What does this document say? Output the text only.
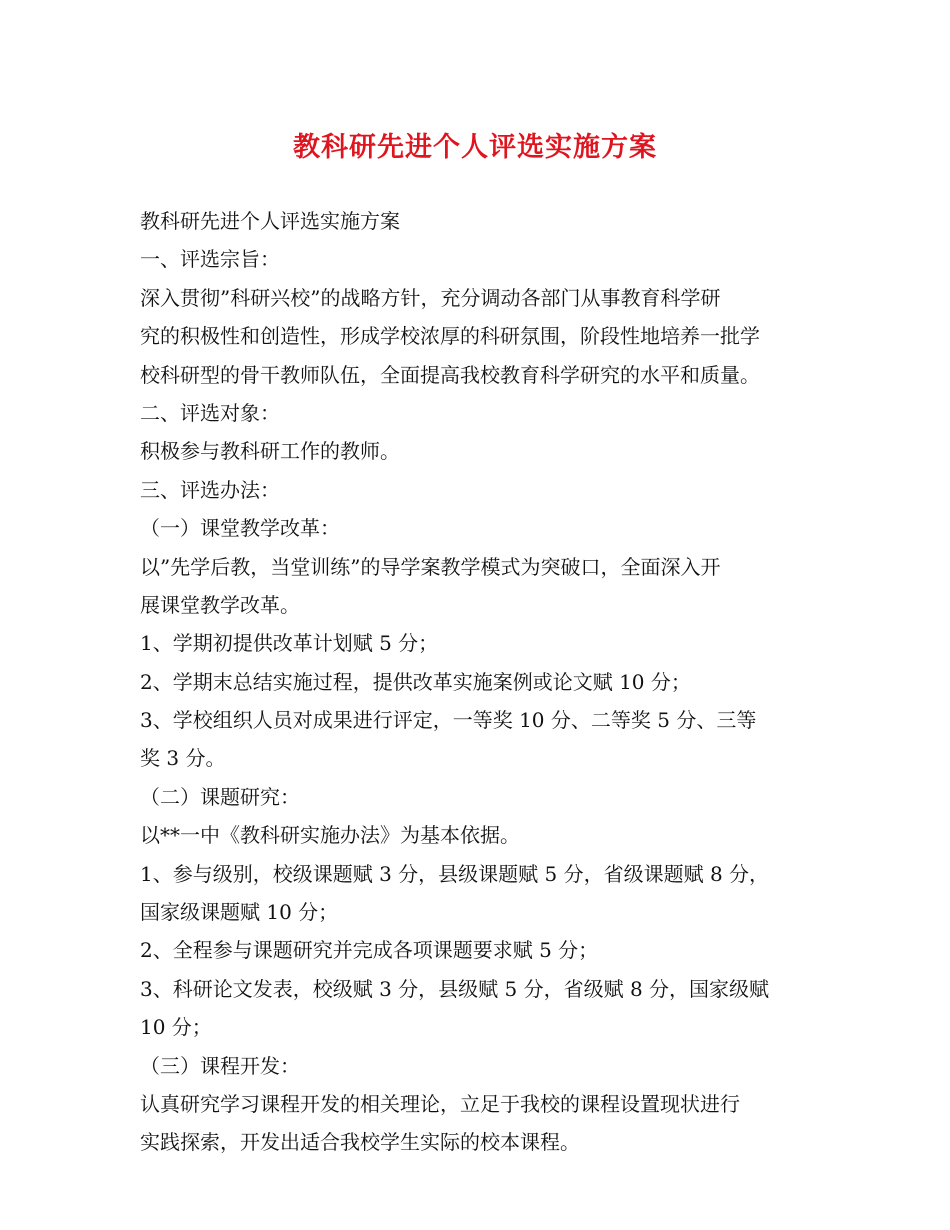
教科研先进个人评选实施方案
教科研先进个人评选实施方案
一、评选宗旨：
深入贯彻”科研兴校”的战略方针，充分调动各部门从事教育科学研
究的积极性和创造性，形成学校浓厚的科研氛围，阶段性地培养一批学
校科研型的骨干教师队伍，全面提高我校教育科学研究的水平和质量。
二、评选对象：
积极参与教科研工作的教师。
三、评选办法：
（一）课堂教学改革：
以”先学后教，当堂训练”的导学案教学模式为突破口，全面深入开
展课堂教学改革。
1、学期初提供改革计划赋 5 分；
2、学期末总结实施过程，提供改革实施案例或论文赋 10 分；
3、学校组织人员对成果进行评定，一等奖 10 分、二等奖 5 分、三等
奖 3 分。
（二）课题研究：
以**一中《教科研实施办法》为基本依据。
1、参与级别，校级课题赋 3 分，县级课题赋 5 分，省级课题赋 8 分，
国家级课题赋 10 分；
2、全程参与课题研究并完成各项课题要求赋 5 分；
3、科研论文发表，校级赋 3 分，县级赋 5 分，省级赋 8 分，国家级赋
10 分；
（三）课程开发：
认真研究学习课程开发的相关理论，立足于我校的课程设置现状进行
实践探索，开发出适合我校学生实际的校本课程。
